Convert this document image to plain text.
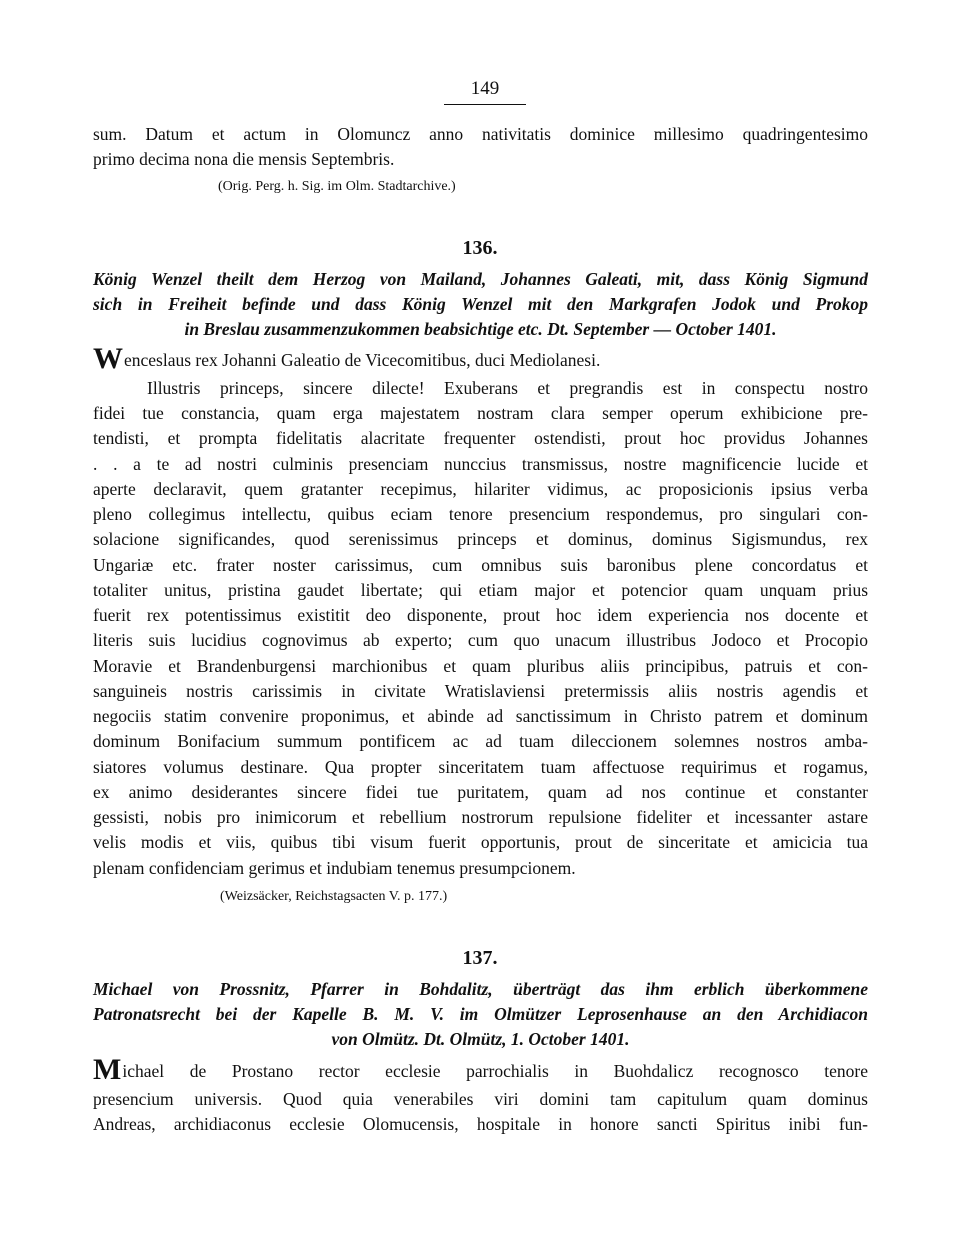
149
sum. Datum et actum in Olomuncz anno nativitatis dominice millesimo quadringentesimo
primo decima nona die mensis Septembris.
(Orig. Perg. h. Sig. im Olm. Stadtarchive.)
136.
König Wenzel theilt dem Herzog von Mailand, Johannes Galeati, mit, dass König Sigmund
sich in Freiheit befinde und dass König Wenzel mit den Markgrafen Jodok und Prokop
in Breslau zusammenzukommen beabsichtige etc. Dt. September — October 1401.
Wenceslaus rex Johanni Galeatio de Vicecomitibus, duci Mediolanesi.
Illustris princeps, sincere dilecte! Exuberans et pregrandis est in conspectu nostro
fidei tue constancia, quam erga majestatem nostram clara semper operum exhibicione pre-
tendisti, et prompta fidelitatis alacritate frequenter ostendisti, prout hoc providus Johannes
. . a te ad nostri culminis presenciam nunccius transmissus, nostre magnificencie lucide et
aperte declaravit, quem gratanter recepimus, hilariter vidimus, ac proposicionis ipsius verba
pleno collegimus intellectu, quibus eciam tenore presencium respondemus, pro singulari con-
solacione significandes, quod serenissimus princeps et dominus, dominus Sigismundus, rex
Ungariæ etc. frater noster carissimus, cum omnibus suis baronibus plene concordatus et
totaliter unitus, pristina gaudet libertate; qui etiam major et potencior quam unquam prius
fuerit rex potentissimus existitit deo disponente, prout hoc idem experiencia nos docente et
literis suis lucidius cognovimus ab experto; cum quo unacum illustribus Jodoco et Procopio
Moravie et Brandenburgensi marchionibus et quam pluribus aliis principibus, patruis et con-
sanguineis nostris carissimis in civitate Wratislaviensi pretermissis aliis nostris agendis et
negociis statim convenire proponimus, et abinde ad sanctissimum in Christo patrem et dominum
dominum Bonifacium summum pontificem ac ad tuam dileccionem solemnes nostros amba-
siatores volumus destinare. Qua propter sinceritatem tuam affectuose requirimus et rogamus,
ex animo desiderantes sincere fidei tue puritatem, quam ad nos continue et constanter
gessisti, nobis pro inimicorum et rebellium nostrorum repulsione fideliter et incessanter astare
velis modis et viis, quibus tibi visum fuerit opportunis, prout de sinceritate et amicicia tua
plenam confidenciam gerimus et indubiam tenemus presumpcionem.
(Weizsäcker, Reichstagsacten V. p. 177.)
137.
Michael von Prossnitz, Pfarrer in Bohdalitz, überträgt das ihm erblich überkommene
Patronatsrecht bei der Kapelle B. M. V. im Olmützer Leprosenhause an den Archidiacon
von Olmütz. Dt. Olmütz, 1. October 1401.
Michael de Prostano rector ecclesie parrochialis in Buohdalicz recognosco tenore
presencium universis. Quod quia venerabiles viri domini tam capitulum quam dominus
Andreas, archidiaconus ecclesie Olomucensis, hospitale in honore sancti Spiritus inibi fun-
